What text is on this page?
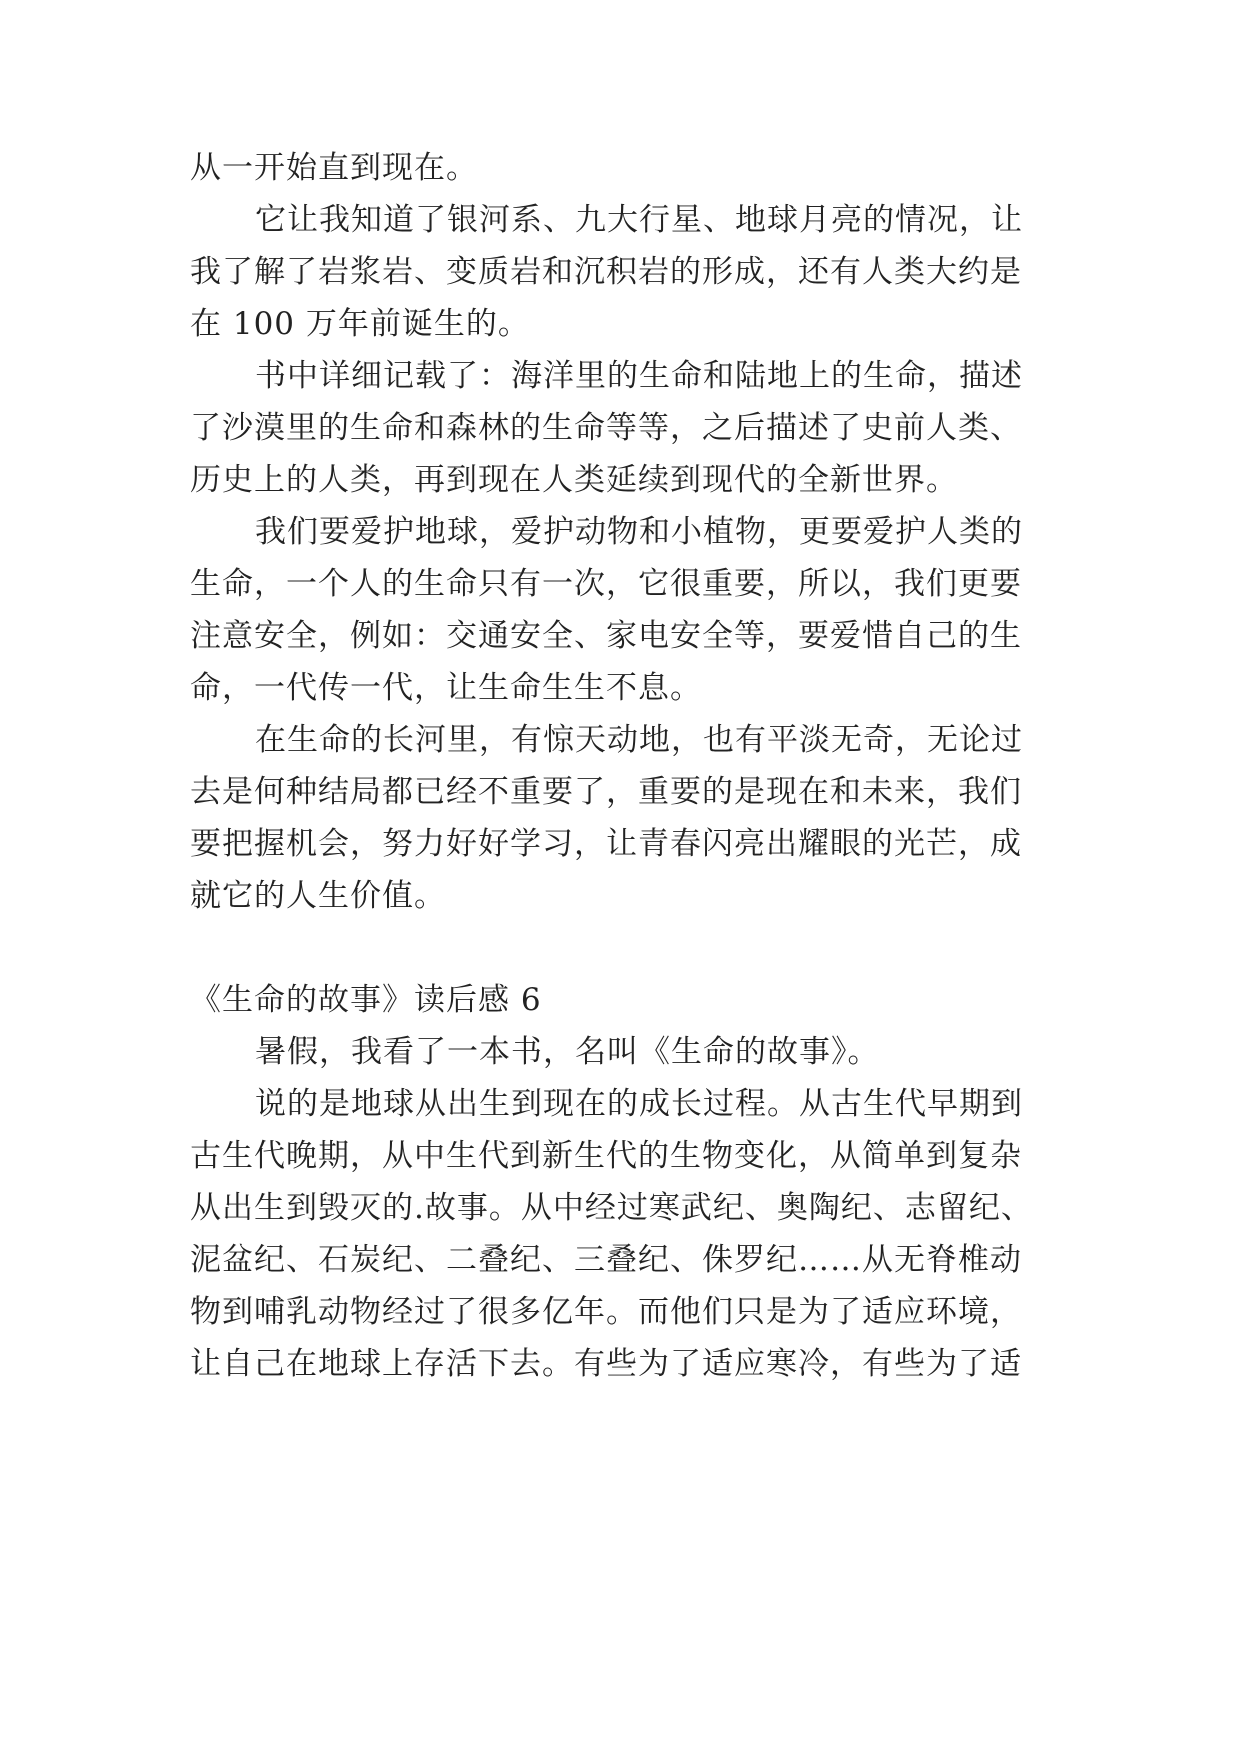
从一开始直到现在。
它让我知道了银河系、九大行星、地球月亮的情况，让
我了解了岩浆岩、变质岩和沉积岩的形成，还有人类大约是
在 100 万年前诞生的。
书中详细记载了：海洋里的生命和陆地上的生命，描述
了沙漠里的生命和森林的生命等等，之后描述了史前人类、
历史上的人类，再到现在人类延续到现代的全新世界。
我们要爱护地球，爱护动物和小植物，更要爱护人类的
生命，一个人的生命只有一次，它很重要，所以，我们更要
注意安全，例如：交通安全、家电安全等，要爱惜自己的生
命，一代传一代，让生命生生不息。
在生命的长河里，有惊天动地，也有平淡无奇，无论过
去是何种结局都已经不重要了，重要的是现在和未来，我们
要把握机会，努力好好学习，让青春闪亮出耀眼的光芒，成
就它的人生价值。
《生命的故事》读后感 6
暑假，我看了一本书，名叫《生命的故事》。
说的是地球从出生到现在的成长过程。从古生代早期到
古生代晚期，从中生代到新生代的生物变化，从简单到复杂
从出生到毁灭的.故事。从中经过寒武纪、奥陶纪、志留纪、
泥盆纪、石炭纪、二叠纪、三叠纪、侏罗纪……从无脊椎动
物到哺乳动物经过了很多亿年。而他们只是为了适应环境，
让自己在地球上存活下去。有些为了适应寒冷，有些为了适
